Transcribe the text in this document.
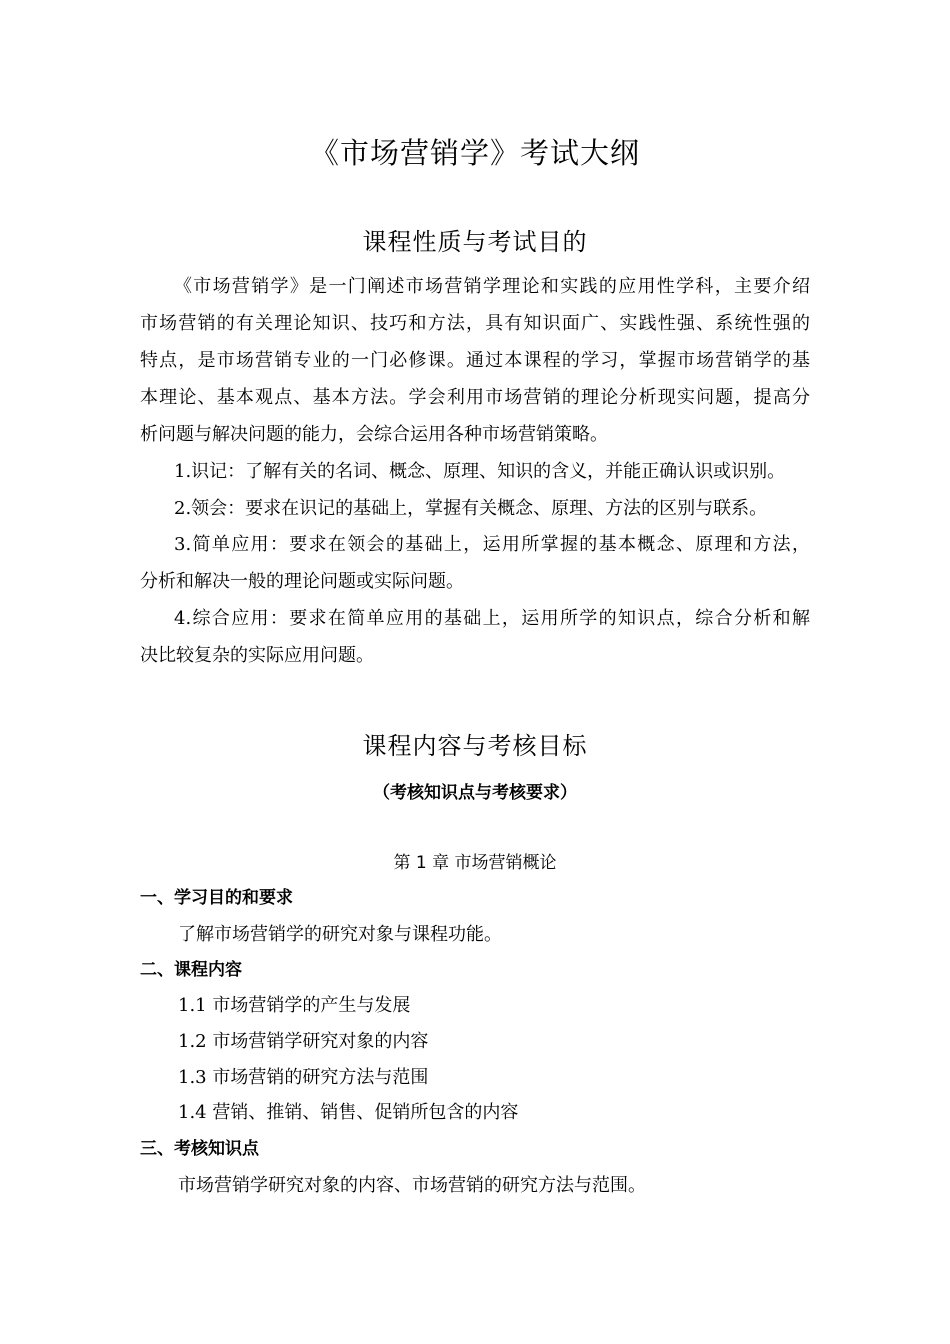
《市场营销学》考试大纲
课程性质与考试目的
《市场营销学》是一门阐述市场营销学理论和实践的应用性学科，主要介绍
市场营销的有关理论知识、技巧和方法，具有知识面广、实践性强、系统性强的
特点，是市场营销专业的一门必修课。通过本课程的学习，掌握市场营销学的基
本理论、基本观点、基本方法。学会利用市场营销的理论分析现实问题，提高分
析问题与解决问题的能力，会综合运用各种市场营销策略。
1.识记：了解有关的名词、概念、原理、知识的含义，并能正确认识或识别。
2.领会：要求在识记的基础上，掌握有关概念、原理、方法的区别与联系。
3.简单应用：要求在领会的基础上，运用所掌握的基本概念、原理和方法，
分析和解决一般的理论问题或实际问题。
4.综合应用：要求在简单应用的基础上，运用所学的知识点，综合分析和解
决比较复杂的实际应用问题。
课程内容与考核目标
（考核知识点与考核要求）
第 1 章 市场营销概论
一、学习目的和要求
了解市场营销学的研究对象与课程功能。
二、课程内容
1.1 市场营销学的产生与发展
1.2 市场营销学研究对象的内容
1.3 市场营销的研究方法与范围
1.4 营销、推销、销售、促销所包含的内容
三、考核知识点
市场营销学研究对象的内容、市场营销的研究方法与范围。
